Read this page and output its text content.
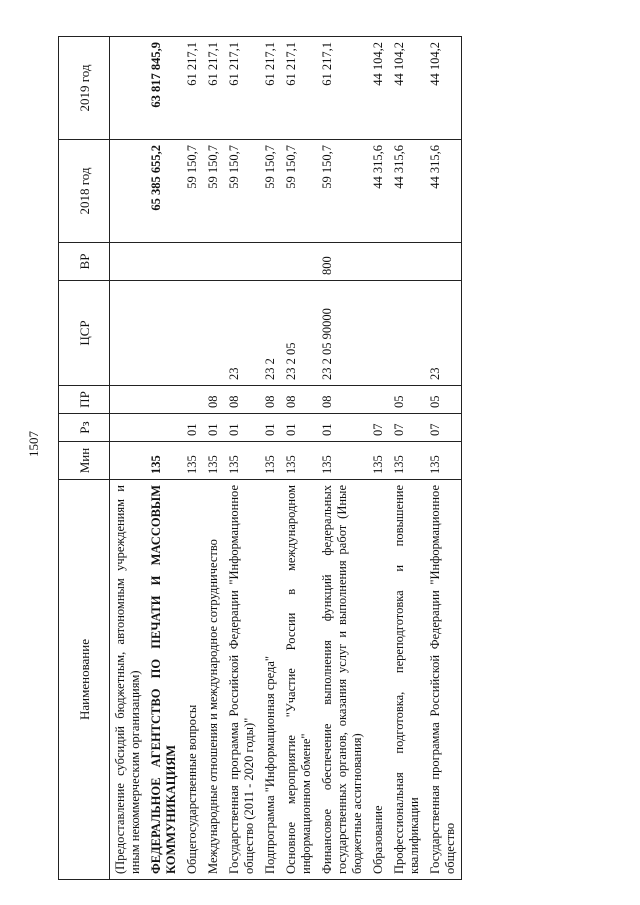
1507
Наименование	Мин	Рз	ПР	ЦСР	ВР	2018 год	2019 год
(Предоставление субсидий бюджетным, автономным учреждениям и иным некоммерческим организациям)							
ФЕДЕРАЛЬНОЕ АГЕНТСТВО ПО ПЕЧАТИ И МАССОВЫМ КОММУНИКАЦИЯМ	135					65 385 655,2	63 817 845,9
Общегосударственные вопросы	135	01				59 150,7	61 217,1
Международные отношения и международное сотрудничество	135	01	08			59 150,7	61 217,1
Государственная программа Российской Федерации "Информационное общество (2011 - 2020 годы)"	135	01	08	23		59 150,7	61 217,1
Подпрограмма "Информационная среда"	135	01	08	23 2		59 150,7	61 217,1
Основное мероприятие "Участие России в международном информационном обмене"	135	01	08	23 2 05		59 150,7	61 217,1
Финансовое обеспечение выполнения функций федеральных государственных органов, оказания услуг и выполнения работ (Иные бюджетные ассигнования)	135	01	08	23 2 05 90000	800	59 150,7	61 217,1
Образование	135	07				44 315,6	44 104,2
Профессиональная подготовка, переподготовка и повышение квалификации	135	07	05			44 315,6	44 104,2
Государственная программа Российской Федерации "Информационное общество	135	07	05	23		44 315,6	44 104,2
